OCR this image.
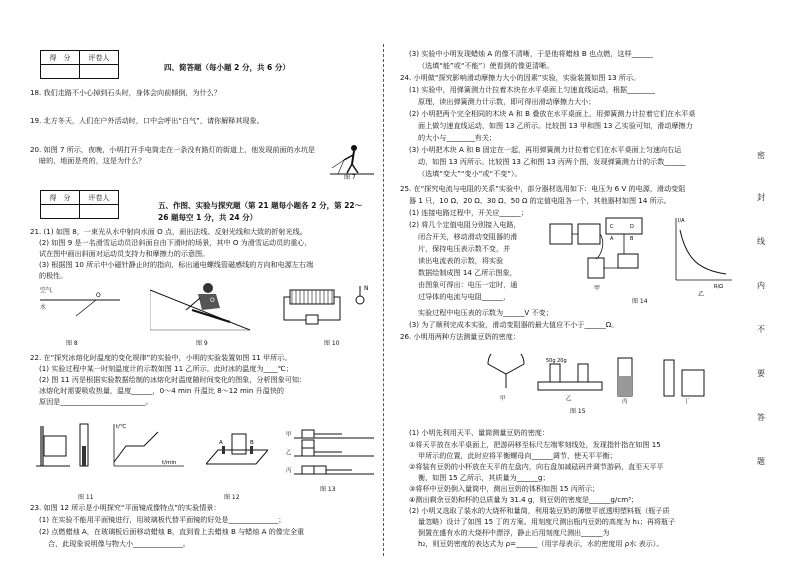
得　分	评卷人

四、简答题（每小题 2 分，共 6 分）

18. 我们走路不小心掉到石头时，身体会向前倾倒，为什么？

19. 北方冬天，人们在户外活动时，口中会呼出“白气”，请你解释其现象。

20. 如图 7 所示，夜晚，小明打开手电筒走在一条没有路灯的街道上，他发现前面的水坑是

暗的，地面是亮的，这是为什么？

21. (1) 如图 8，一束光从水中射向水面 O 点，画出法线、反射光线和大致的折射光线。

(2) 如图 9 是一名滑雪运动员沿斜面自由下滑时的场景，其中 O 为滑雪运动员的重心，

试在图中画出斜面对运动员支持力和摩擦力的示意图。

(3) 根据图 10 所示中小磁针静止时的指向，标出通电螺线管磁感线的方向和电源左右端

的极性。

22. 在“探究冰熔化时温度的变化规律”的实验中，小明的实验装置如图 11 甲所示。

(1) 实验过程中某一时刻温度计的示数如图 11 乙所示，此时冰的温度为____℃；

(2) 图 11 丙是根据实验数据绘制的冰熔化时温度随时间变化的图象，分析图象可知：

冰熔化时需要吸收热量，温度______，0～4 min 升温比 8～12 min 升温快的

原因是________________________。

23. 如图 12 所示是小明探究“平面镜成像特点”的实验情景：

(1) 在实验不能用平面镜进行，用玻璃板代替平面镜的好处是______________；

(2) 点燃蜡烛 A，在玻璃板后面移动蜡烛 B，直到看上去蜡烛 B 与蜡烛 A 的像完全重

合，此现象说明像与物大小______________。

得　分	评卷人

五、作图、实验与探究题（第 21 题每小题各 2 分，第 22～
26 题每空 1 分，共 24 分）
图 7
空气
水
O
图 8
O
图 9
N
图 10
t/℃
t/min
图 11
A	B
图 12
甲
乙
丙
图 13

(3) 实验中小明发现蜡烛 A 的像不清晰，于是他将蜡烛 B 也点燃，这样______

（选填“能”或“不能”）使看到的像更清晰。

24. 小明做“探究影响滑动摩擦力大小的因素”实验，实验装置如图 13 所示。

(1) 实验中，用弹簧测力计拉着木块在水平桌面上匀速直线运动，根据________

原理，读出弹簧测力计示数，即可得出滑动摩擦力大小；

(2) 小明把两个完全相同的木块 A 和 B 叠放在水平桌面上，用弹簧测力计拉着它们在水平桌

面上做匀速直线运动，如图 13 乙所示。比较图 13 甲和图 13 乙实验可知，滑动摩擦力

的大小与________有关；

(3) 小明把木块 A 和 B 固定在一起，再用弹簧测力计拉着它们在水平桌面上匀速向右运

动，如图 13 丙所示。比较图 13 乙和图 13 丙两个图，发现弹簧测力计的示数______

（选填“变大”“变小”或“不变”）。

25. 在“探究电流与电阻的关系”实验中，部分器材选用如下：电压为 6 V 的电源，滑动变阻

器 1 只，10 Ω、20 Ω、30 Ω、50 Ω 的定值电阻各一个，其他器材如图 14 所示。

(1) 连接电路过程中，开关应______；

(2) 将几个定值电阻分别接入电路，

闭合开关，移动滑动变阻器的滑

片，保持电压表示数不变，并

读出电流表的示数，将实验

数据绘制成图 14 乙所示图象，

由图象可得出：电压一定时，通

过导体的电流与电阻______，

实验过程中电压表的示数为______V 不变；

(3) 为了顺利完成本实验，滑动变阻器的最大值应不小于______Ω。

26. 小明用两种方法测量豆奶的密度：

(1) 小明先利用天平、量筒测量豆奶的密度：

①将天平放在水平桌面上，把游码移至标尺左端零刻线处，发现指针指在如图 15

甲所示的位置，此时应将平衡螺母向______调节，使天平平衡；

②将装有豆奶的小杯放在天平的左盘内，向右盘加减砝码并调节游码，直至天平平

衡，如图 15 乙所示，其质量为______g；

③将杯中豆奶倒入量筒中，测出豆奶的体积如图 15 丙所示；

④测出剩余豆奶和杯的总质量为 31.4 g，则豆奶的密度是______g/cm³；

(2) 小明又选取了装水的大烧杯和量筒，利用装豆奶的薄壁平底透明塑料瓶（瓶子质

量忽略）设计了如图 15 丁的方案。用刻度尺测出瓶内豆奶的高度为 h₁；再将瓶子

倒置在盛有水的大烧杯中漂浮，静止后用刻度尺测出______为

h₂，则豆奶密度的表达式为 ρ=______（用字母表示，水的密度用 ρ水 表示）。

C	D
A	B
甲
I/A
R/Ω
乙
图 14
50g 20g
甲	乙	丙	丁
图 15
密
封
线
内
不
要
答
题
